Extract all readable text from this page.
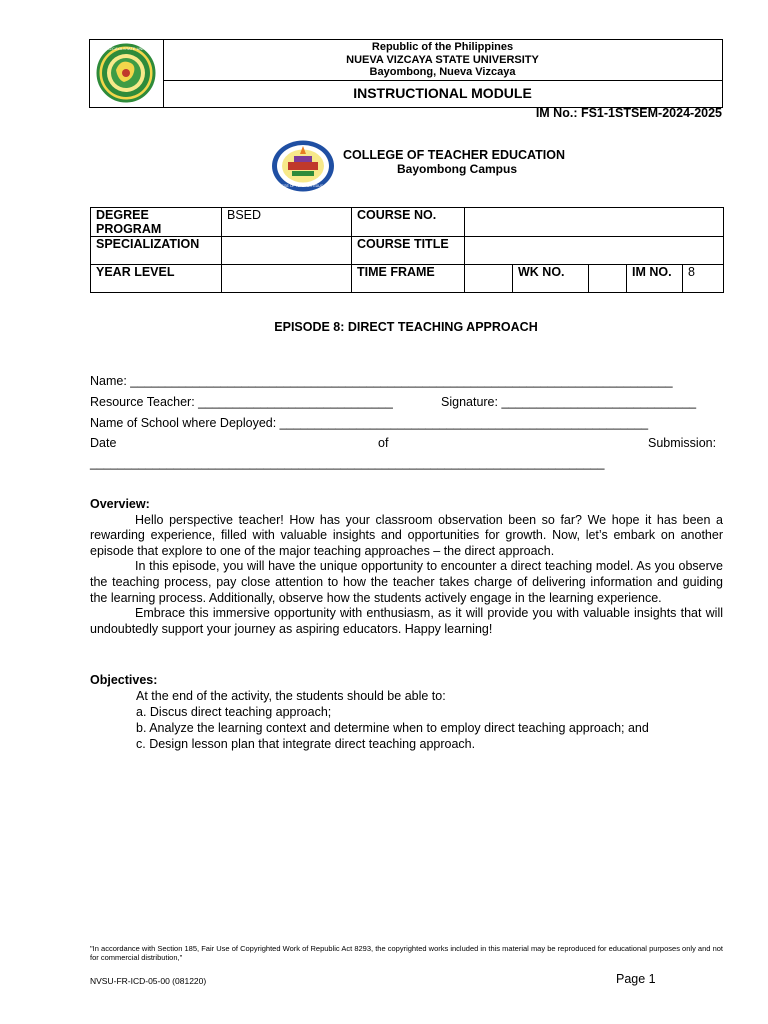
NUEVA VIZCAYA STATE UNIVERSITY	Republic of the Philippines
NUEVA VIZCAYA STATE UNIVERSITY
Bayombong, Nueva Vizcaya
INSTRUCTIONAL MODULE
IM No.: FS1-1STSEM-2024-2025
COLLEGE OF TEACHER EDUCATION
COLLEGE OF TEACHER EDUCATION
Bayombong Campus
DEGREE PROGRAM	BSED	COURSE NO.					
SPECIALIZATION		COURSE TITLE					
YEAR LEVEL		TIME FRAME		WK NO.		IM NO.	8
EPISODE 8: DIRECT TEACHING APPROACH
Name: ______________________________________________________________________________
Resource Teacher: ____________________________	Signature: ____________________________
Name of School where Deployed: _____________________________________________________
Date	of	Submission:
__________________________________________________________________________

Overview:

Hello perspective teacher! How has your classroom observation been so far? We hope it has been a rewarding experience, filled with valuable insights and opportunities for growth. Now, let’s embark on another episode that explore to one of the major teaching approaches – the direct approach.

In this episode, you will have the unique opportunity to encounter a direct teaching model. As you observe the teaching process, pay close attention to how the teacher takes charge of delivering information and guiding the learning process. Additionally, observe how the students actively engage in the learning experience.

Embrace this immersive opportunity with enthusiasm, as it will provide you with valuable insights that will undoubtedly support your journey as aspiring educators. Happy learning!

Objectives:

At the end of the activity, the students should be able to:
a. Discus direct teaching approach;
b. Analyze the learning context and determine when to employ direct teaching approach; and
c. Design lesson plan that integrate direct teaching approach.
"In accordance with Section 185, Fair Use of Copyrighted Work of Republic Act 8293, the copyrighted works included in this material may be reproduced for educational purposes only and not for commercial distribution,"
NVSU-FR-ICD-05-00 (081220)	Page 1
